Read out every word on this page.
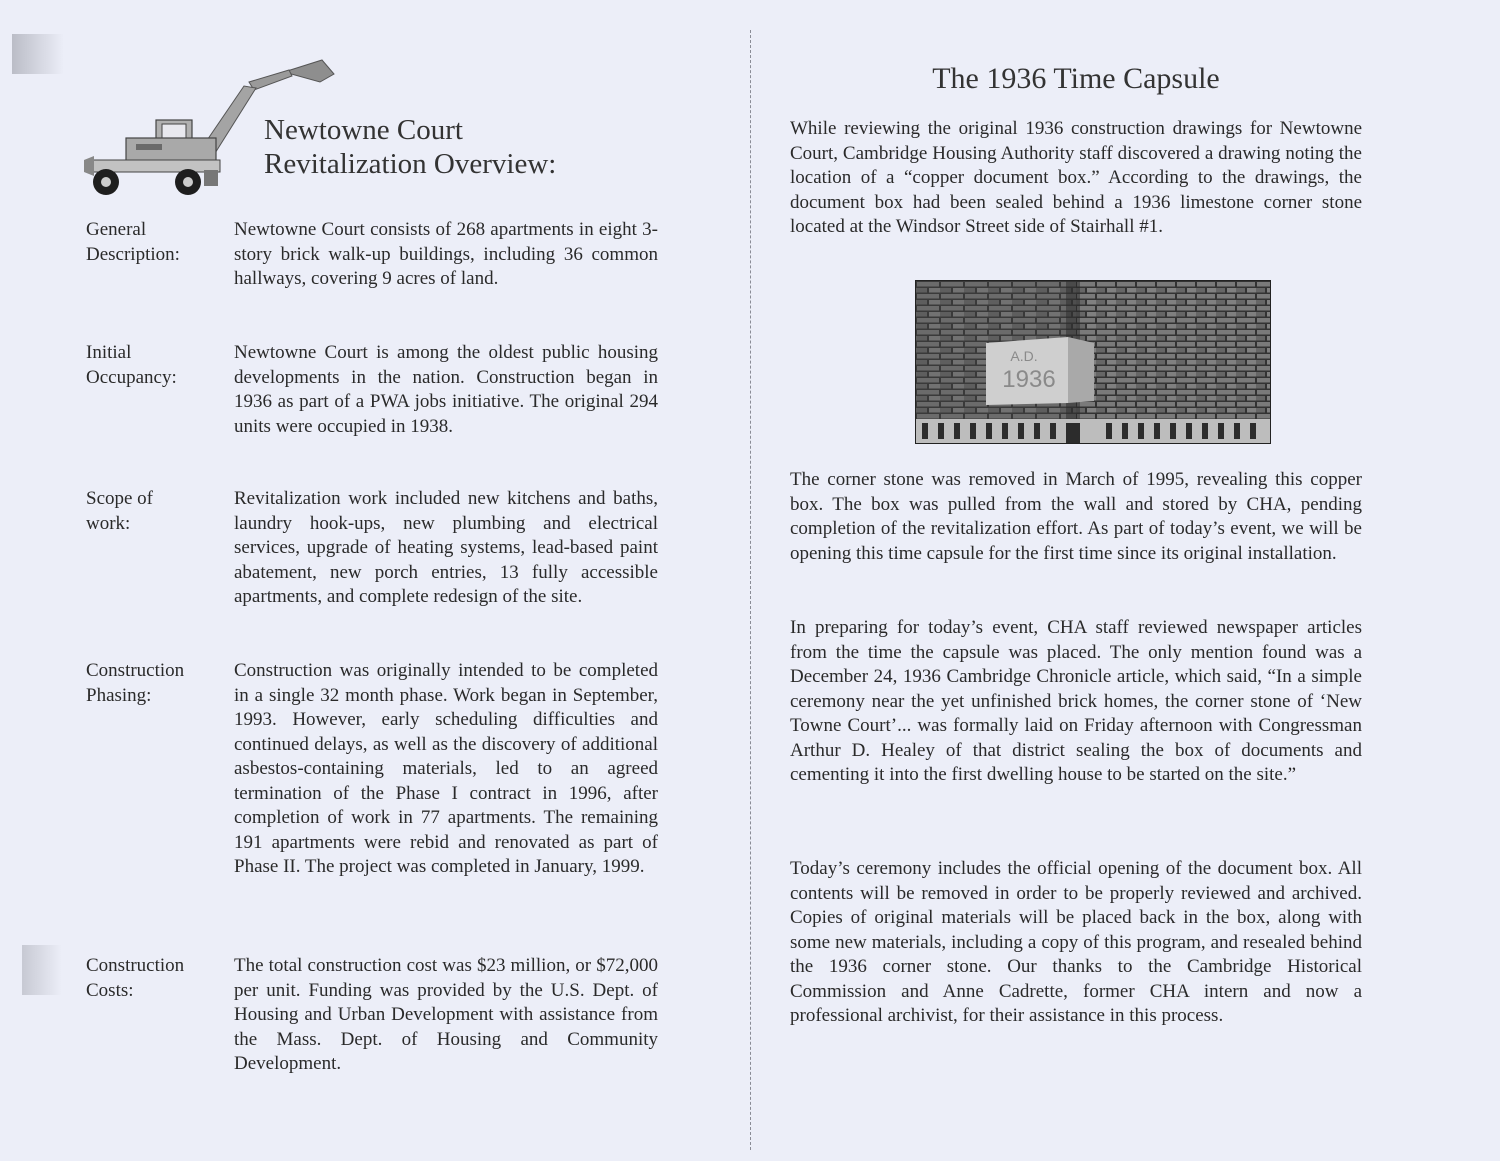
Newtowne Court
Revitalization Overview:
General
Description:
Newtowne Court consists of 268 apartments in eight 3-story brick walk-up buildings, including 36 common hallways, covering 9 acres of land.
Initial
Occupancy:
Newtowne Court is among the oldest public housing developments in the nation. Construction began in 1936 as part of a PWA jobs initiative. The original 294 units were occupied in 1938.
Scope of
work:
Revitalization work included new kitchens and baths, laundry hook-ups, new plumbing and electrical services, upgrade of heating systems, lead-based paint abatement, new porch entries, 13 fully accessible apartments, and complete redesign of the site.
Construction
Phasing:
Construction was originally intended to be completed in a single 32 month phase. Work began in September, 1993. However, early scheduling difficulties and continued delays, as well as the discovery of additional asbestos-containing materials, led to an agreed termination of the Phase I contract in 1996, after completion of work in 77 apartments. The remaining 191 apartments were rebid and renovated as part of Phase II. The project was completed in January, 1999.
Construction
Costs:
The total construction cost was $23 million, or $72,000 per unit. Funding was provided by the U.S. Dept. of Housing and Urban Development with assistance from the Mass. Dept. of Housing and Community Development.
The 1936 Time Capsule
While reviewing the original 1936 construction drawings for Newtowne Court, Cambridge Housing Authority staff discovered a drawing noting the location of a “copper document box.” According to the drawings, the document box had been sealed behind a 1936 limestone corner stone located at the Windsor Street side of Stairhall #1.
A.D.
1936
The corner stone was removed in March of 1995, revealing this copper box. The box was pulled from the wall and stored by CHA, pending completion of the revitalization effort. As part of today’s event, we will be opening this time capsule for the first time since its original installation.
In preparing for today’s event, CHA staff reviewed newspaper articles from the time the capsule was placed. The only mention found was a December 24, 1936 Cambridge Chronicle article, which said, “In a simple ceremony near the yet unfinished brick homes, the corner stone of ‘New Towne Court’... was formally laid on Friday afternoon with Congressman Arthur D. Healey of that district sealing the box of documents and cementing it into the first dwelling house to be started on the site.”
Today’s ceremony includes the official opening of the document box. All contents will be removed in order to be properly reviewed and archived. Copies of original materials will be placed back in the box, along with some new materials, including a copy of this program, and resealed behind the 1936 corner stone. Our thanks to the Cambridge Historical Commission and Anne Cadrette, former CHA intern and now a professional archivist, for their assistance in this process.
